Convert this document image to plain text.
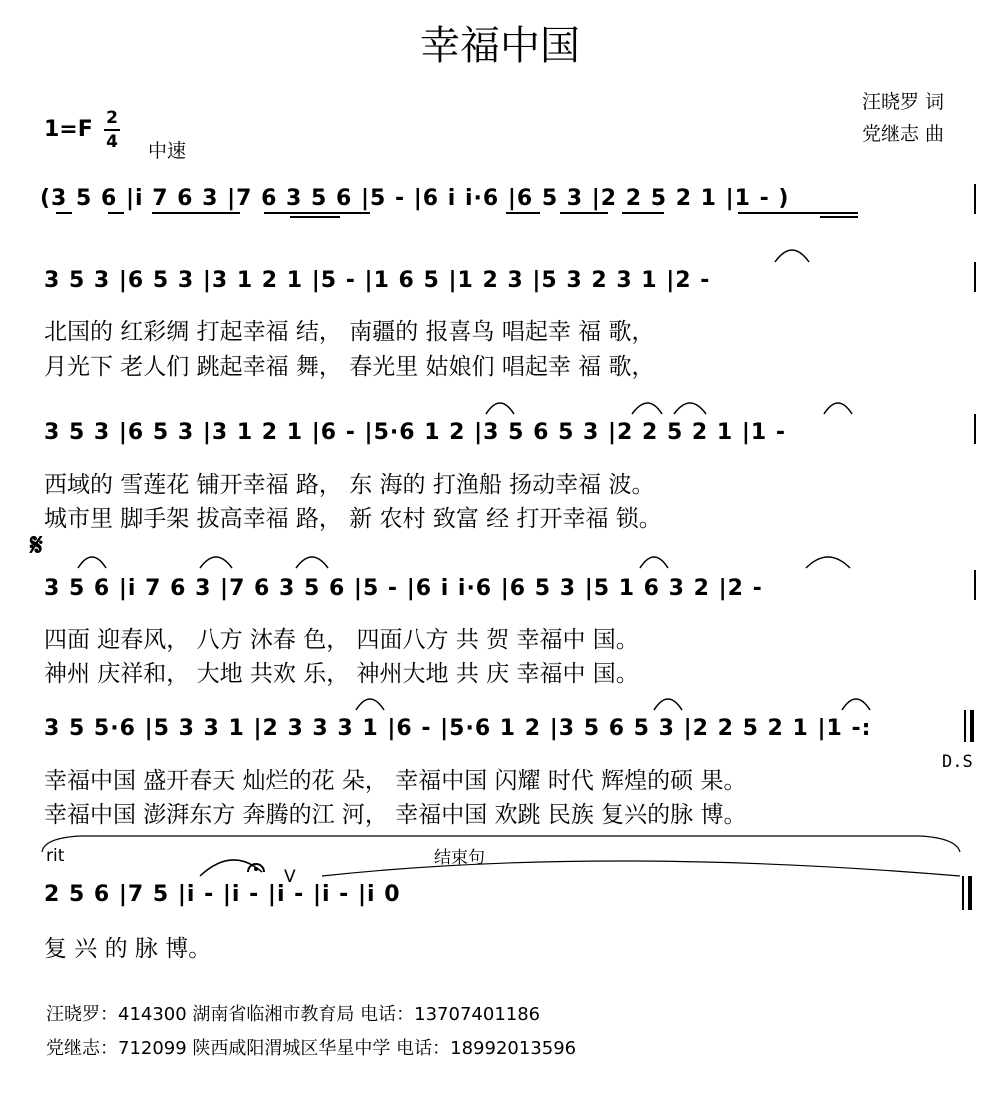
幸福中国
汪晓罗 词
党继志 曲
1=F 2
4 中速
(3 5 6 |i 7 6 3 |7 6 3 5 6 |5 - |6 i i·6 |6 5 3 |2 2 5 2 1 |1 - )
3 5 3 |6 5 3 |3 1 2 1 |5 - |1 6 5 |1 2 3 |5 3 2 3 1 |2 -
北国的 红彩绸 打起幸福 结， 南疆的 报喜鸟 唱起幸 福 歌，
月光下 老人们 跳起幸福 舞， 春光里 姑娘们 唱起幸 福 歌，
3 5 3 |6 5 3 |3 1 2 1 |6 - |5·6 1 2 |3 5 6 5 3 |2 2 5 2 1 |1 -
西域的 雪莲花 铺开幸福 路， 东 海的 打渔船 扬动幸福 波。
城市里 脚手架 拔高幸福 路， 新 农村 致富 经 打开幸福 锁。
𝄋
3 5 6 |i 7 6 3 |7 6 3 5 6 |5 - |6 i i·6 |6 5 3 |5 1 6 3 2 |2 -
四面 迎春风， 八方 沐春 色， 四面八方 共 贺 幸福中 国。
神州 庆祥和， 大地 共欢 乐， 神州大地 共 庆 幸福中 国。
3 5 5·6 |5 3 3 1 |2 3 3 3 1 |6 - |5·6 1 2 |3 5 6 5 3 |2 2 5 2 1 |1 -:
幸福中国 盛开春天 灿烂的花 朵， 幸福中国 闪耀 时代 辉煌的硕 果。
幸福中国 澎湃东方 奔腾的江 河， 幸福中国 欢跳 民族 复兴的脉 博。
D.S
rit	结束句
V
2 5 6 |7 5 |i - |i - |i - |i - |i 0
复 兴 的 脉 博。
汪晓罗：414300 湖南省临湘市教育局 电话：13707401186
党继志：712099 陕西咸阳渭城区华星中学 电话：18992013596
